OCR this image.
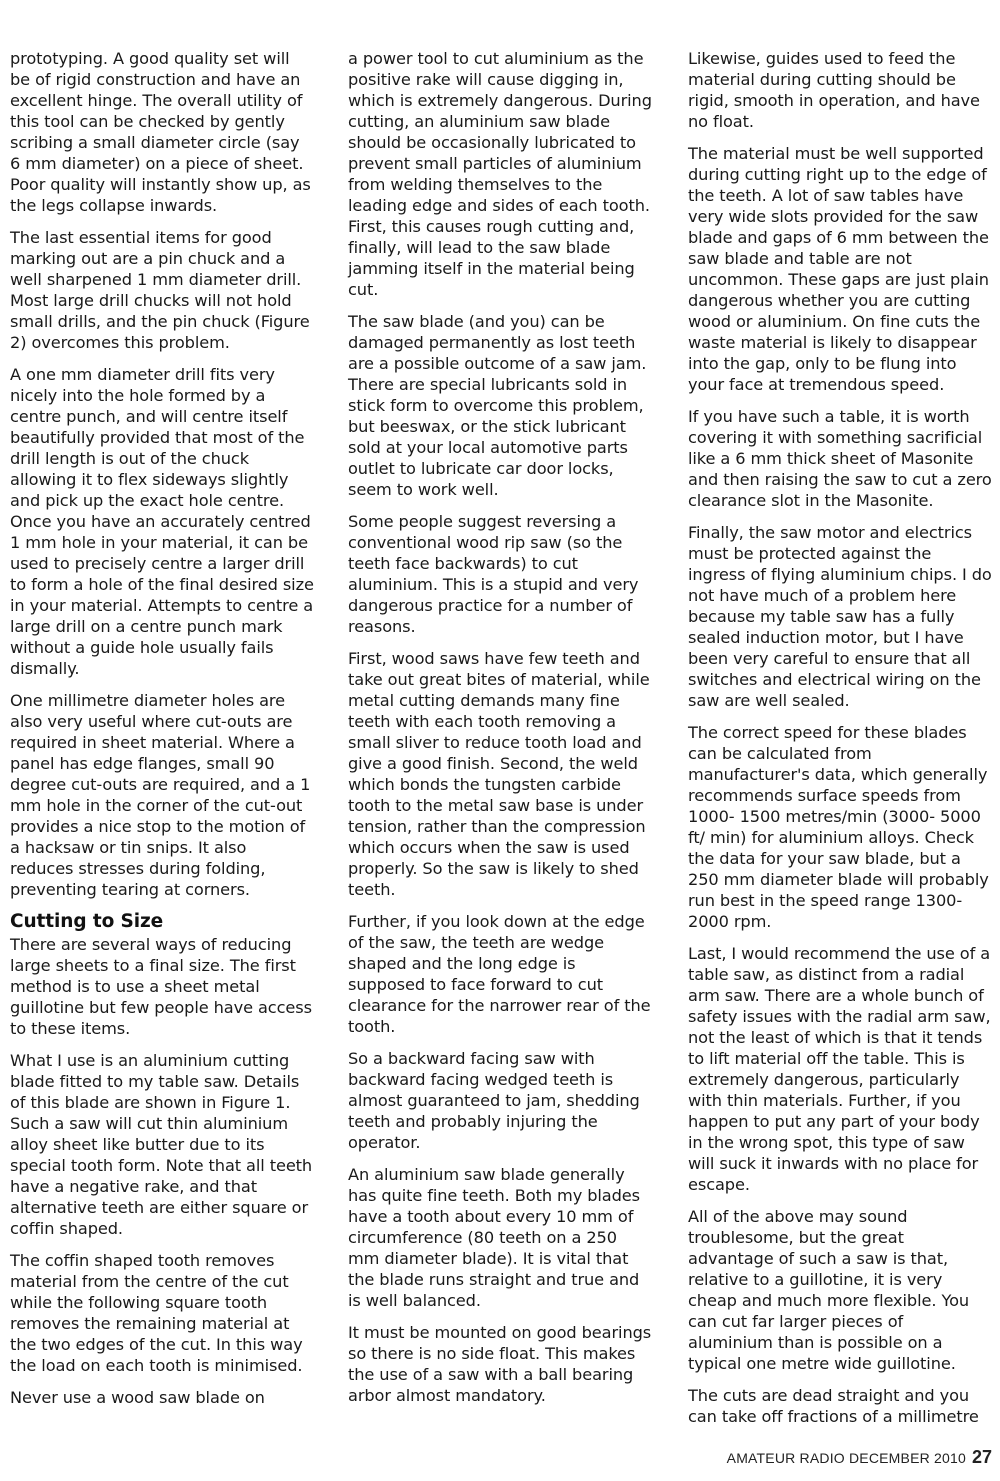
prototyping. A good quality set will be of rigid construction and have an excellent hinge. The overall utility of this tool can be checked by gently scribing a small diameter circle (say 6 mm diameter) on a piece of sheet. Poor quality will instantly show up, as the legs collapse inwards.

The last essential items for good marking out are a pin chuck and a well sharpened 1 mm diameter drill. Most large drill chucks will not hold small drills, and the pin chuck (Figure 2) overcomes this problem.

A one mm diameter drill fits very nicely into the hole formed by a centre punch, and will centre itself beautifully provided that most of the drill length is out of the chuck allowing it to flex sideways slightly and pick up the exact hole centre. Once you have an accurately centred 1 mm hole in your material, it can be used to precisely centre a larger drill to form a hole of the final desired size in your material. Attempts to centre a large drill on a centre punch mark without a guide hole usually fails dismally.

One millimetre diameter holes are also very useful where cut-outs are required in sheet material. Where a panel has edge flanges, small 90 degree cut-outs are required, and a 1 mm hole in the corner of the cut-out provides a nice stop to the motion of a hacksaw or tin snips. It also reduces stresses during folding, preventing tearing at corners.

Cutting to Size

There are several ways of reducing large sheets to a final size. The first method is to use a sheet metal guillotine but few people have access to these items.

What I use is an aluminium cutting blade fitted to my table saw. Details of this blade are shown in Figure 1. Such a saw will cut thin aluminium alloy sheet like butter due to its special tooth form. Note that all teeth have a negative rake, and that alternative teeth are either square or coffin shaped.

The coffin shaped tooth removes material from the centre of the cut while the following square tooth removes the remaining material at the two edges of the cut. In this way the load on each tooth is minimised.

Never use a wood saw blade on

a power tool to cut aluminium as the positive rake will cause digging in, which is extremely dangerous. During cutting, an aluminium saw blade should be occasionally lubricated to prevent small particles of aluminium from welding themselves to the leading edge and sides of each tooth. First, this causes rough cutting and, finally, will lead to the saw blade jamming itself in the material being cut.

The saw blade (and you) can be damaged permanently as lost teeth are a possible outcome of a saw jam. There are special lubricants sold in stick form to overcome this problem, but beeswax, or the stick lubricant sold at your local automotive parts outlet to lubricate car door locks, seem to work well.

Some people suggest reversing a conventional wood rip saw (so the teeth face backwards) to cut aluminium. This is a stupid and very dangerous practice for a number of reasons.

First, wood saws have few teeth and take out great bites of material, while metal cutting demands many fine teeth with each tooth removing a small sliver to reduce tooth load and give a good finish. Second, the weld which bonds the tungsten carbide tooth to the metal saw base is under tension, rather than the compression which occurs when the saw is used properly. So the saw is likely to shed teeth.

Further, if you look down at the edge of the saw, the teeth are wedge shaped and the long edge is supposed to face forward to cut clearance for the narrower rear of the tooth.

So a backward facing saw with backward facing wedged teeth is almost guaranteed to jam, shedding teeth and probably injuring the operator.

An aluminium saw blade generally has quite fine teeth. Both my blades have a tooth about every 10 mm of circumference (80 teeth on a 250 mm diameter blade). It is vital that the blade runs straight and true and is well balanced.

It must be mounted on good bearings so there is no side float. This makes the use of a saw with a ball bearing arbor almost mandatory.

Likewise, guides used to feed the material during cutting should be rigid, smooth in operation, and have no float.

The material must be well supported during cutting right up to the edge of the teeth. A lot of saw tables have very wide slots provided for the saw blade and gaps of 6 mm between the saw blade and table are not uncommon. These gaps are just plain dangerous whether you are cutting wood or aluminium. On fine cuts the waste material is likely to disappear into the gap, only to be flung into your face at tremendous speed.

If you have such a table, it is worth covering it with something sacrificial like a 6 mm thick sheet of Masonite and then raising the saw to cut a zero clearance slot in the Masonite.

Finally, the saw motor and electrics must be protected against the ingress of flying aluminium chips. I do not have much of a problem here because my table saw has a fully sealed induction motor, but I have been very careful to ensure that all switches and electrical wiring on the saw are well sealed.

The correct speed for these blades can be calculated from manufacturer's data, which generally recommends surface speeds from 1000- 1500 metres/min (3000- 5000 ft/ min) for aluminium alloys. Check the data for your saw blade, but a 250 mm diameter blade will probably run best in the speed range 1300- 2000 rpm.

Last, I would recommend the use of a table saw, as distinct from a radial arm saw. There are a whole bunch of safety issues with the radial arm saw, not the least of which is that it tends to lift material off the table. This is extremely dangerous, particularly with thin materials. Further, if you happen to put any part of your body in the wrong spot, this type of saw will suck it inwards with no place for escape.

All of the above may sound troublesome, but the great advantage of such a saw is that, relative to a guillotine, it is very cheap and much more flexible. You can cut far larger pieces of aluminium than is possible on a typical one metre wide guillotine.

The cuts are dead straight and you can take off fractions of a millimetre

AMATEUR RADIO DECEMBER 2010 27
